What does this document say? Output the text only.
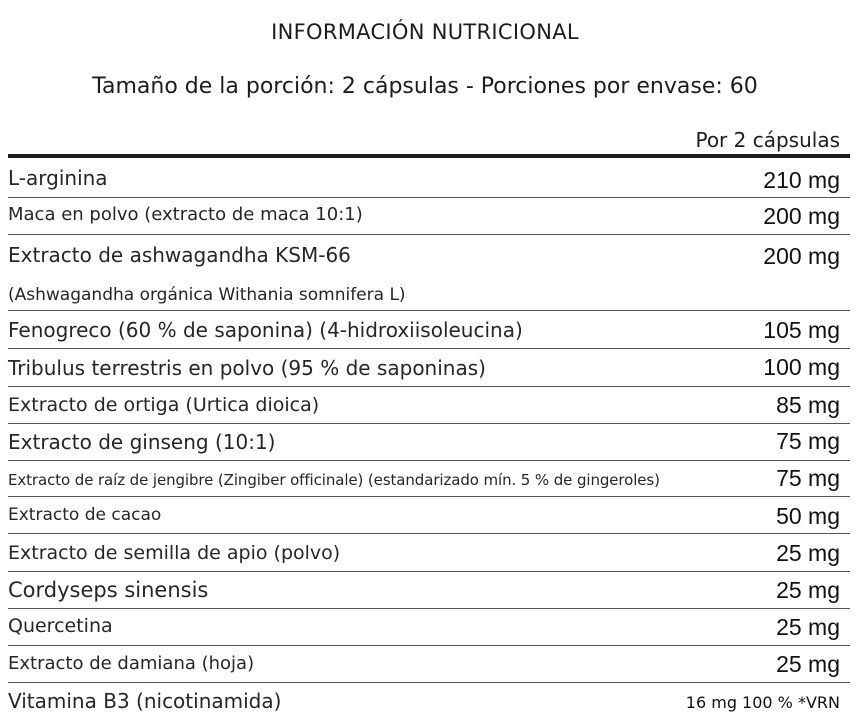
INFORMACIÓN NUTRICIONAL
Tamaño de la porción: 2 cápsulas - Porciones por envase: 60
Por 2 cápsulas
L-arginina	210 mg
Maca en polvo (extracto de maca 10:1)	200 mg
Extracto de ashwagandha KSM-66	200 mg
(Ashwagandha orgánica Withania somnifera L)
Fenogreco (60 % de saponina) (4-hidroxiisoleucina)	105 mg
Tribulus terrestris en polvo (95 % de saponinas)	100 mg
Extracto de ortiga (Urtica dioica)	85 mg
Extracto de ginseng (10:1)	75 mg
Extracto de raíz de jengibre (Zingiber officinale) (estandarizado mín. 5 % de gingeroles)	75 mg
Extracto de cacao	50 mg
Extracto de semilla de apio (polvo)	25 mg
Cordyseps sinensis	25 mg
Quercetina	25 mg
Extracto de damiana (hoja)	25 mg
Vitamina B3 (nicotinamida)	16 mg 100 % *VRN
